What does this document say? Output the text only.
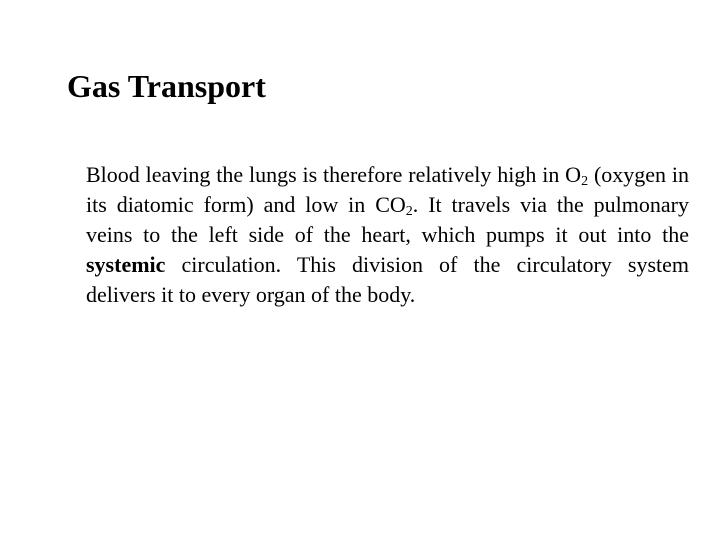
Gas Transport

Blood leaving the lungs is therefore relatively high in $O_2$ (oxygen in its diatomic form) and low in $CO_2$. It travels via the pulmonary veins to the left side of the heart, which pumps it out into the systemic circulation. This division of the circulatory system delivers it to every organ of the body.
